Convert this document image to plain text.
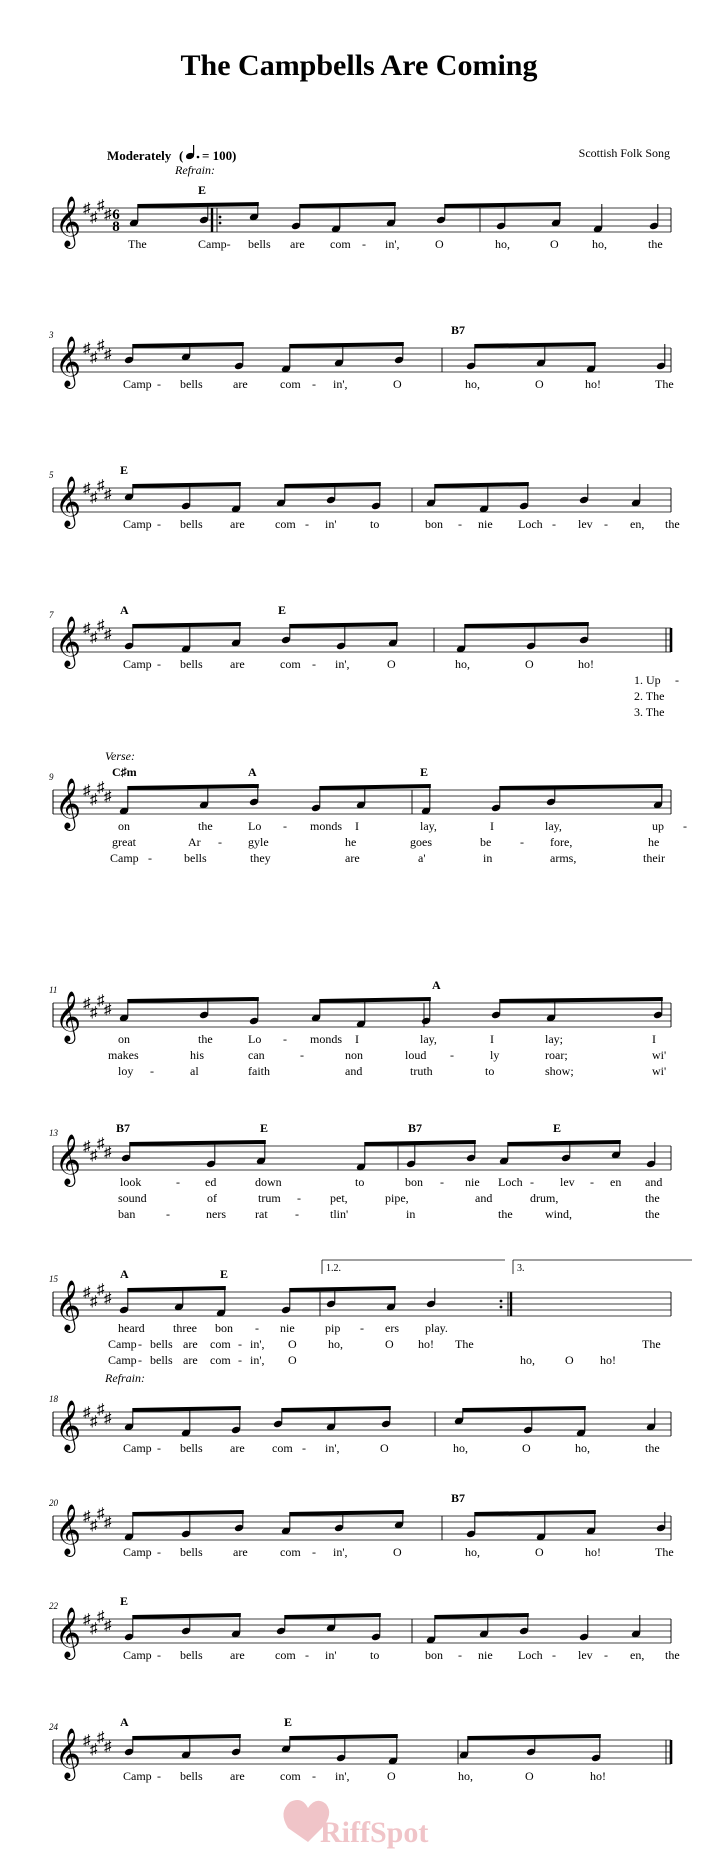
The Campbells Are Coming
Moderately ( = 100 )	Scottish Folk Song
𝄞 ♯
♯
♯
♯ 6
8
Refrain:
E
The	Camp- bells are com - in',	O	ho,	O	ho,	the
𝄞 ♯
♯
♯
♯
3	B7
Camp - bells	are	com - in',	O	ho,	O	ho!	The
𝄞 ♯
♯
♯
♯
5	E
Camp - bells are	com - in'	to	bon - nie Loch - lev - en, the
𝄞 ♯
♯
♯
♯
7	A	E
Camp - bells are	com - in',	O	ho,	O	ho!
1. Up -
2. The
3. The
𝄞 ♯
♯
♯
♯
9
Verse:
C♯m	A	E
on	the	Lo - monds I	lay,	I	lay,	up -
great	Ar - gyle	he	goes	be - fore,	he
Camp -	bells	they	are	a'	in	arms,	their
𝄞 ♯
♯
♯
♯
11	A
on	the	Lo - monds I	lay,	I	lay;	I
makes	his	can	-	non	loud -	ly	roar;	wi'
loy -	al	faith	and	truth	to	show;	wi'
𝄞 ♯
♯
♯
♯
13	B7	E	B7	E
look	- ed	down	to	bon - nie Loch - lev - en and
sound	of	trum - pet,	pipe,	and	drum,	the
ban	-	ners rat -	tlin'	in	the	wind,	the
𝄞 ♯
♯
♯
♯
15	A	E	1.2.	3.
heard three bon - nie	pip - ers play.
Camp - bells are com - in', O	ho,	O ho! The	The
Camp - bells are com - in', O	ho,	O ho!
𝄞 ♯
♯
♯
♯
18
Refrain:
Camp - bells are com - in',	O	ho,	O	ho,	the
𝄞 ♯
♯
♯
♯
20	B7
Camp - bells	are	com - in',	O	ho,	O	ho!	The
𝄞 ♯
♯
♯
♯
22	E
Camp - bells are	com - in'	to	bon - nie Loch - lev - en, the
𝄞 ♯
♯
♯
♯
24	A	E
Camp - bells are	com - in',	O	ho,	O	ho!
RiffSpot
